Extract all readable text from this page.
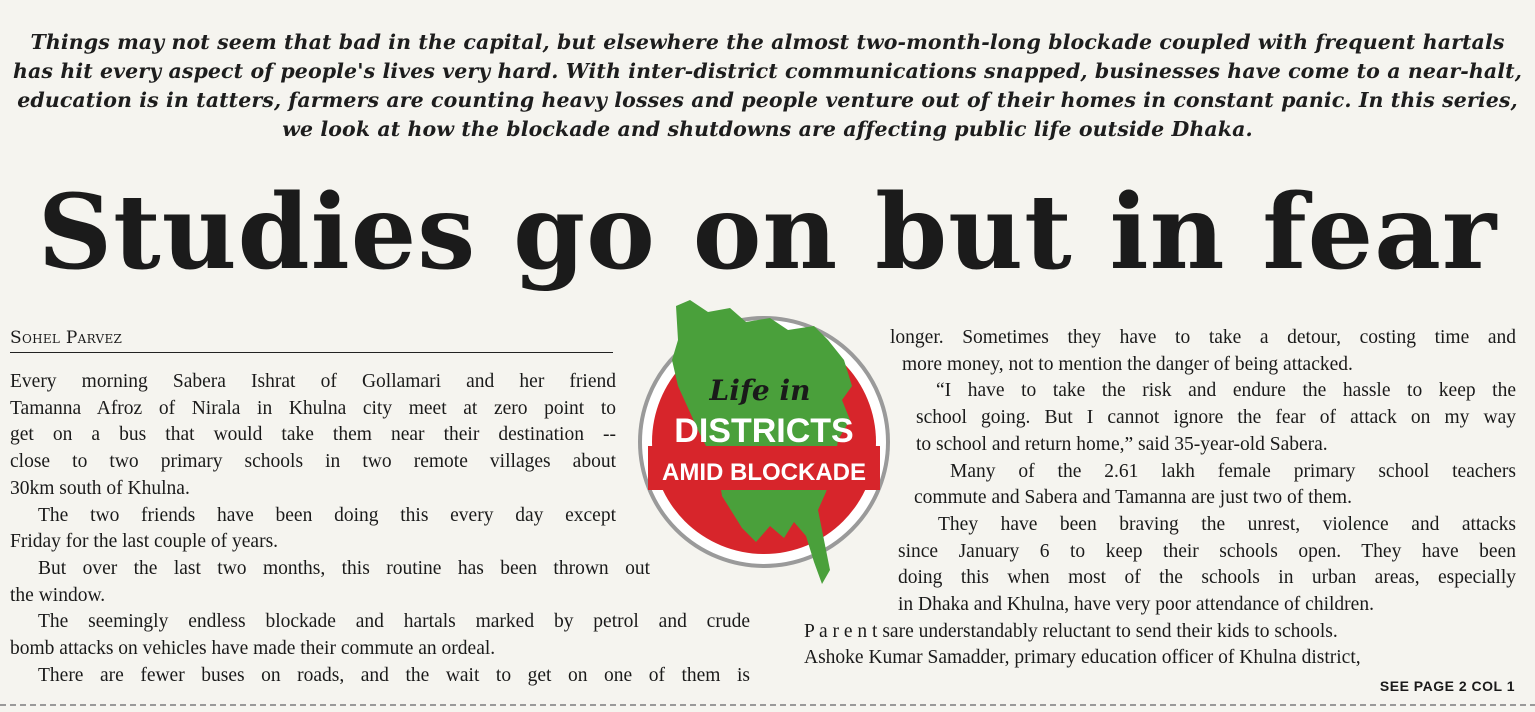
Things may not seem that bad in the capital, but elsewhere the almost two-month-long blockade coupled with frequent hartals has hit every aspect of people's lives very hard. With inter-district communications snapped, businesses have come to a near-halt, education is in tatters, farmers are counting heavy losses and people venture out of their homes in constant panic. In this series, we look at how the blockade and shutdowns are affecting public life outside Dhaka.
Studies go on but in fear
Sohel Parvez
Every morning Sabera Ishrat of Gollamari and her friend
Tamanna Afroz of Nirala in Khulna city meet at zero point to
get on a bus that would take them near their destination --
close to two primary schools in two remote villages about
30km south of Khulna.
The two friends have been doing this every day except
Friday for the last couple of years.
But over the last two months, this routine has been thrown out
the window.
The seemingly endless blockade and hartals marked by petrol and crude
bomb attacks on vehicles have made their commute an ordeal.
There are fewer buses on roads, and the wait to get on one of them is
Life in
DISTRICTS
AMID BLOCKADE
longer. Sometimes they have to take a detour, costing time and
more money, not to mention the danger of being attacked.
“I have to take the risk and endure the hassle to keep the
school going. But I cannot ignore the fear of attack on my way
to school and return home,” said 35-year-old Sabera.
Many of the 2.61 lakh female primary school teachers
commute and Sabera and Tamanna are just two of them.
They have been braving the unrest, violence and attacks
since January 6 to keep their schools open. They have been
doing this when most of the schools in urban areas, especially
in Dhaka and Khulna, have very poor attendance of children.
P a r e n t sare understandably reluctant to send their kids to schools.
Ashoke Kumar Samadder, primary education officer of Khulna district,
SEE PAGE 2 COL 1
